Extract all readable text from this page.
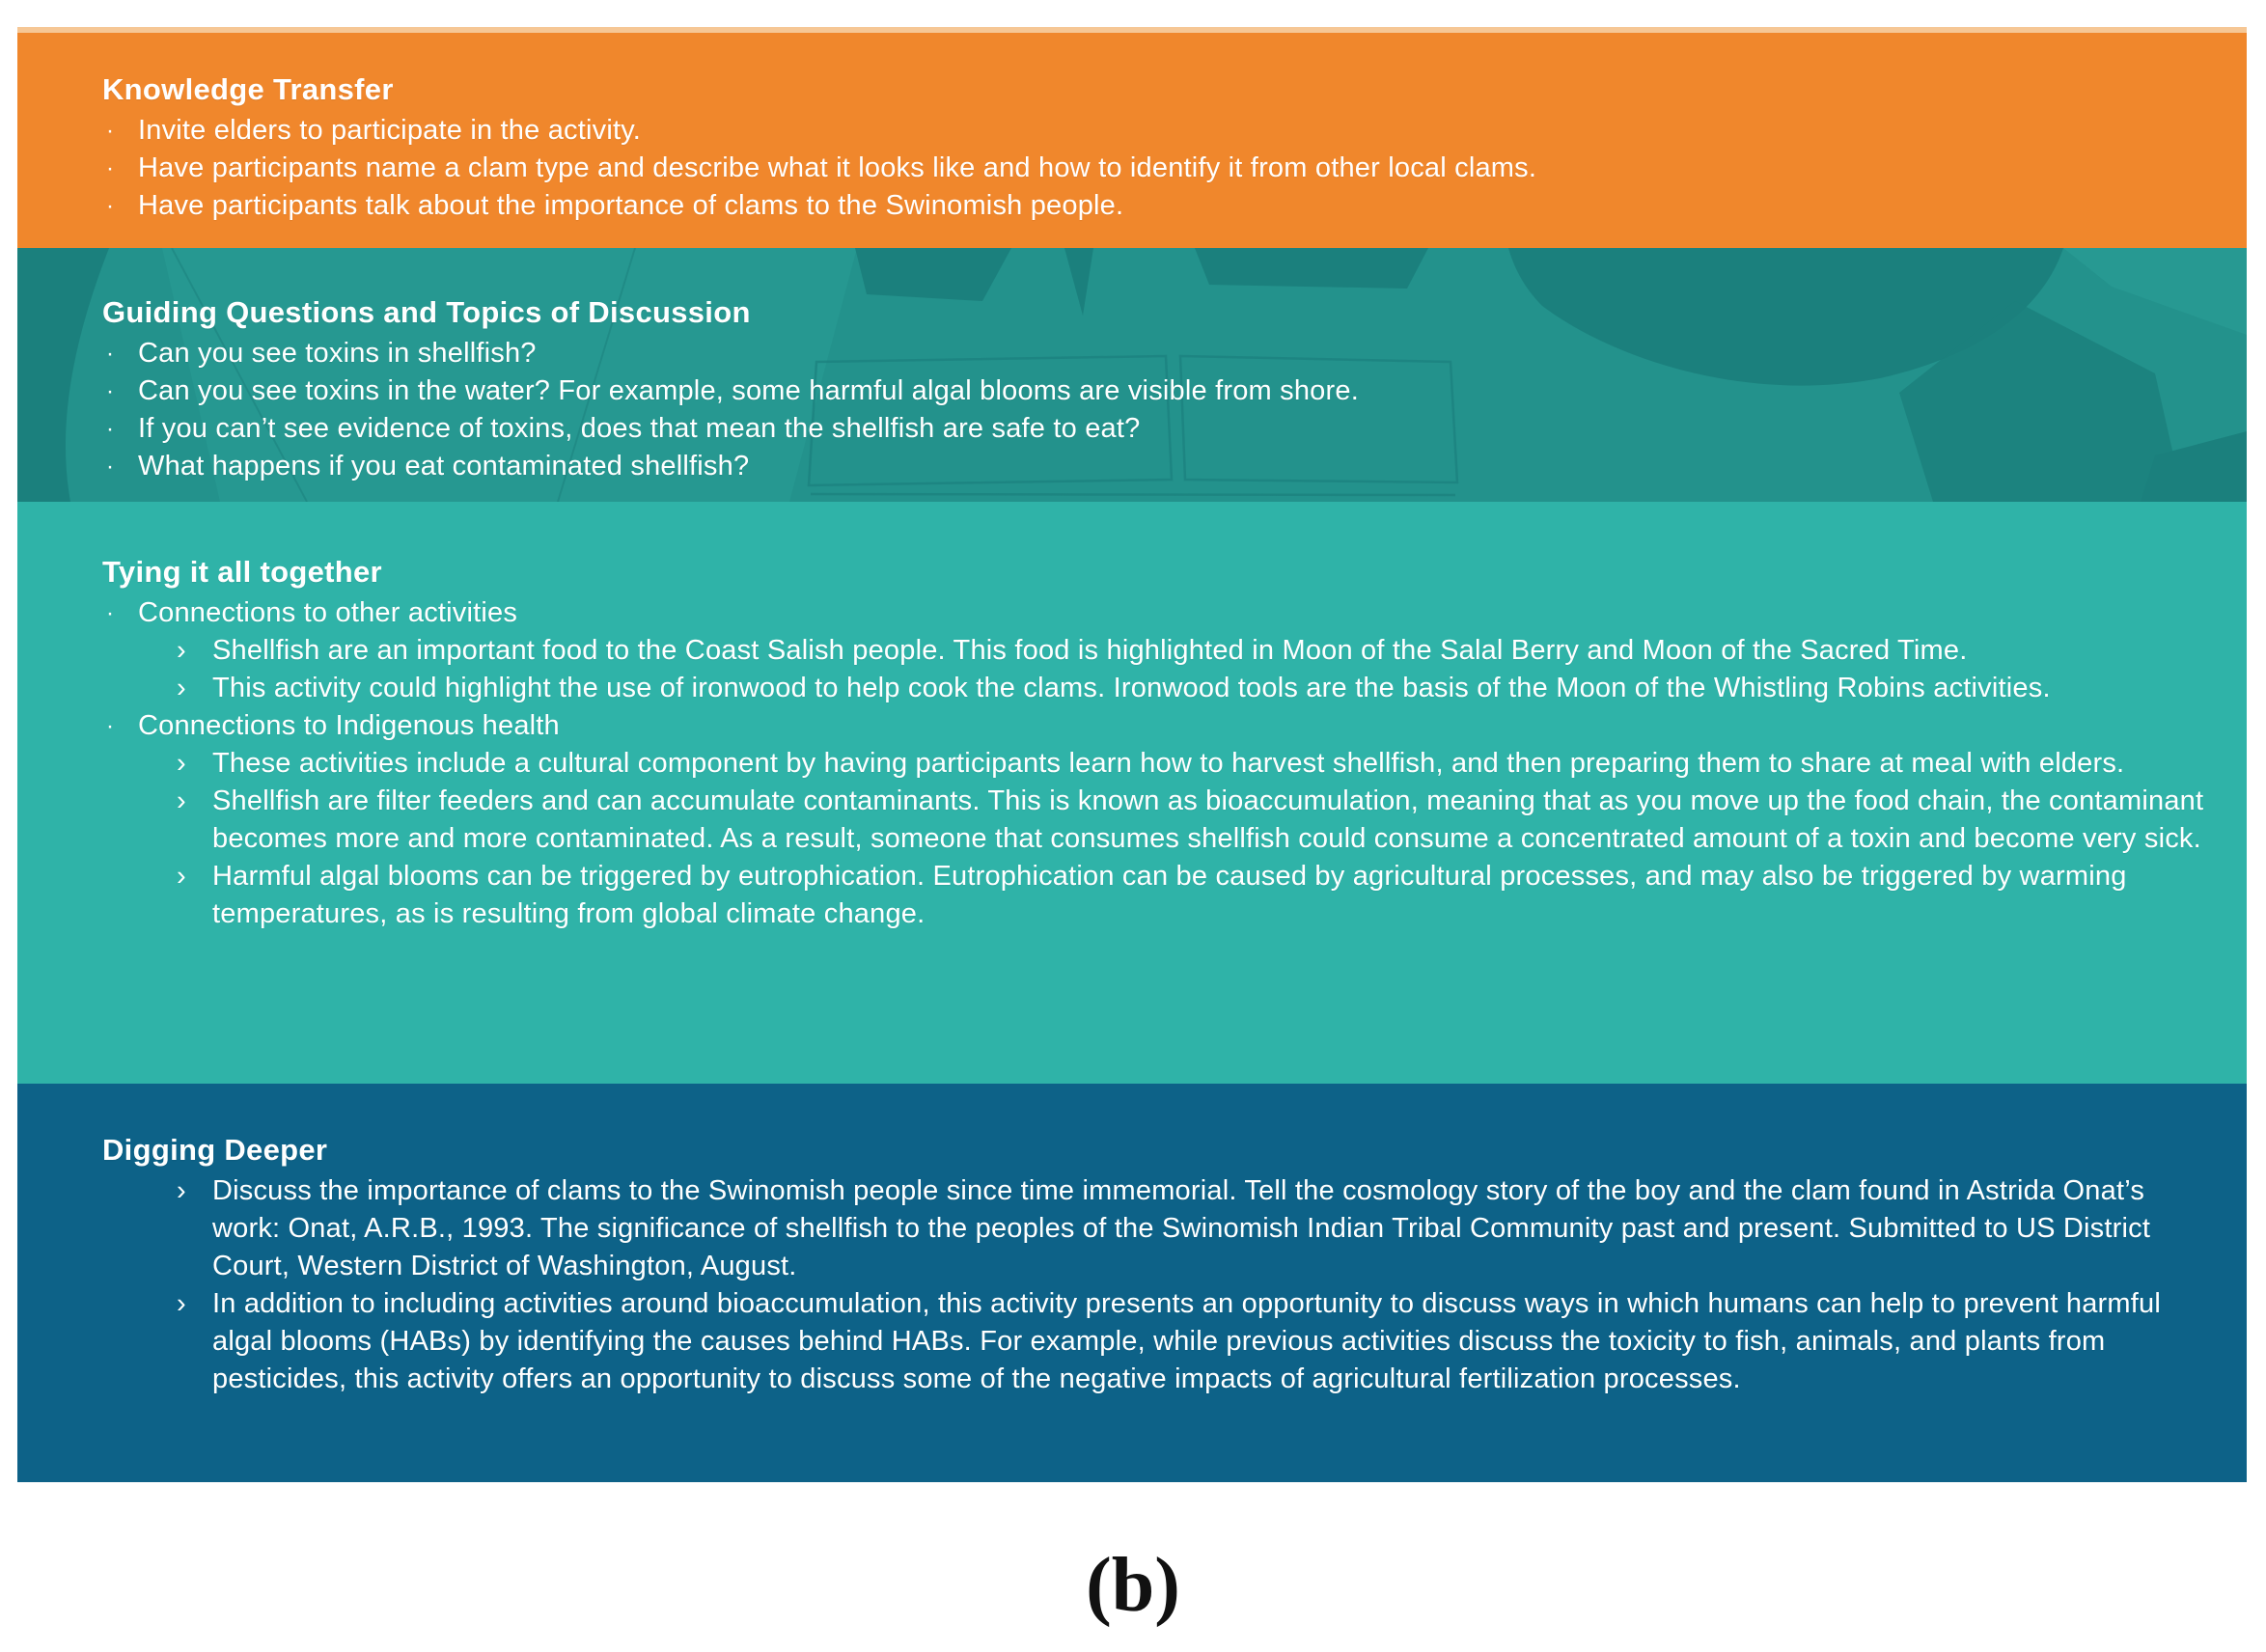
Knowledge Transfer
· Invite elders to participate in the activity.
· Have participants name a clam type and describe what it looks like and how to identify it from other local clams.
· Have participants talk about the importance of clams to the Swinomish people.
Guiding Questions and Topics of Discussion
· Can you see toxins in shellfish?
· Can you see toxins in the water? For example, some harmful algal blooms are visible from shore.
· If you can’t see evidence of toxins, does that mean the shellfish are safe to eat?
· What happens if you eat contaminated shellfish?
Tying it all together
· Connections to other activities
› Shellfish are an important food to the Coast Salish people. This food is highlighted in Moon of the Salal Berry and Moon of the Sacred Time.
› This activity could highlight the use of ironwood to help cook the clams. Ironwood tools are the basis of the Moon of the Whistling Robins activities.
· Connections to Indigenous health
› These activities include a cultural component by having participants learn how to harvest shellfish, and then preparing them to share at meal with elders.
› Shellfish are filter feeders and can accumulate contaminants. This is known as bioaccumulation, meaning that as you move up the food chain, the contaminant becomes more and more contaminated. As a result, someone that consumes shellfish could consume a concentrated amount of a toxin and become very sick.
› Harmful algal blooms can be triggered by eutrophication. Eutrophication can be caused by agricultural processes, and may also be triggered by warming temperatures, as is resulting from global climate change.
Digging Deeper
› Discuss the importance of clams to the Swinomish people since time immemorial. Tell the cosmology story of the boy and the clam found in Astrida Onat’s work: Onat, A.R.B., 1993. The significance of shellfish to the peoples of the Swinomish Indian Tribal Community past and present. Submitted to US District Court, Western District of Washington, August.
› In addition to including activities around bioaccumulation, this activity presents an opportunity to discuss ways in which humans can help to prevent harmful algal blooms (HABs) by identifying the causes behind HABs. For example, while previous activities discuss the toxicity to fish, animals, and plants from pesticides, this activity offers an opportunity to discuss some of the negative impacts of agricultural fertilization processes.
(b)
